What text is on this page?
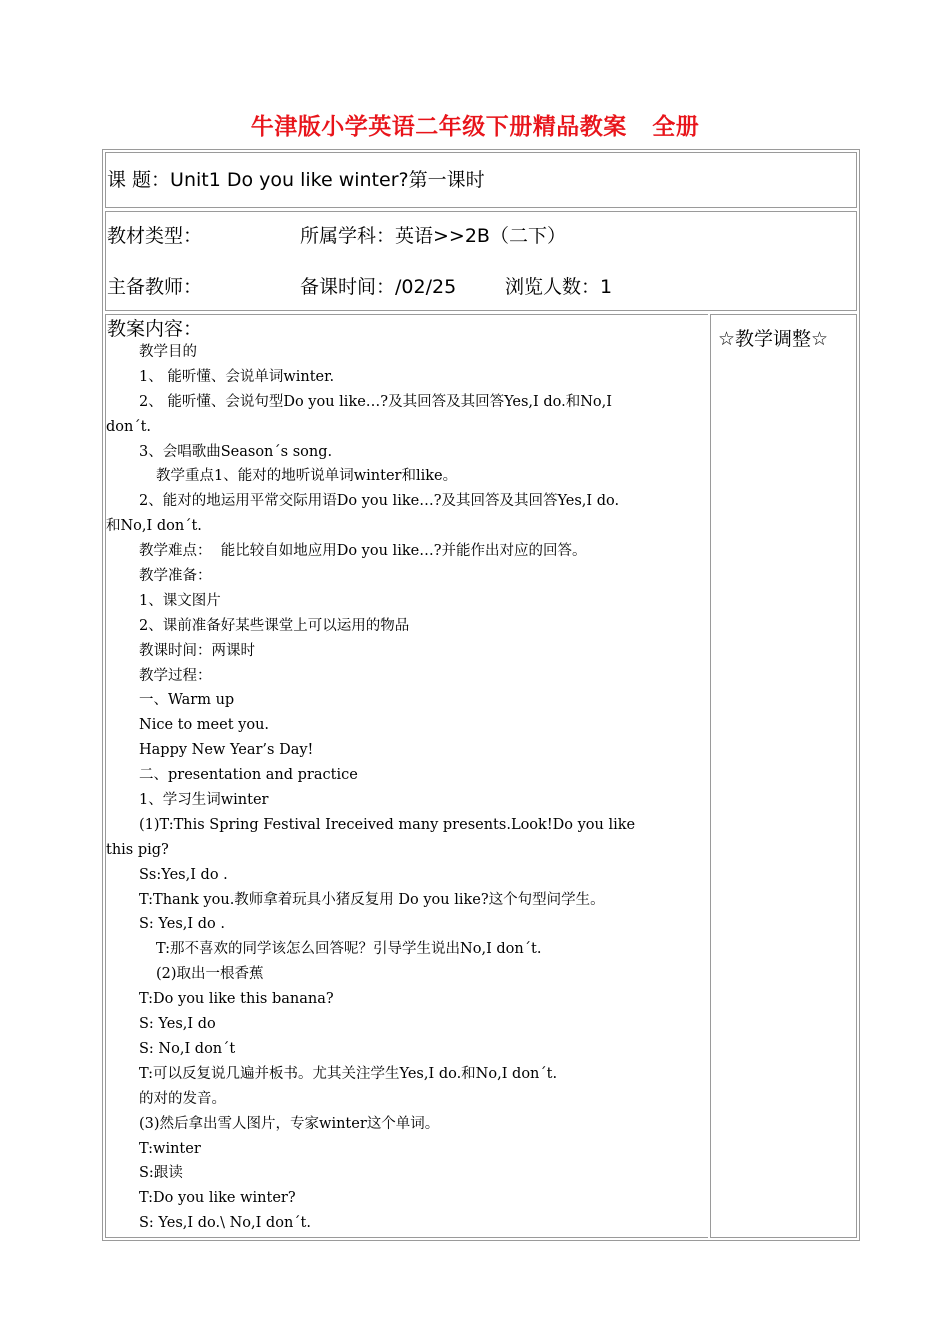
牛津版小学英语二年级下册精品教案   全册
课 题：Unit1 Do you like winter?第一课时
教材类型：	所属学科：英语>>2B（二下）
主备教师：	备课时间：/02/25	浏览人数：1
教案内容：	☆教学调整☆
教学目的
1、 能听懂、会说单词winter.
2、 能听懂、会说句型Do you like…?及其回答及其回答Yes,I do.和No,I
don´t.
3、会唱歌曲Season´s song.
教学重点1、能对的地听说单词winter和like。
2、能对的地运用平常交际用语Do you like…?及其回答及其回答Yes,I do.
和No,I don´t.
教学难点：  能比较自如地应用Do you like…?并能作出对应的回答。
教学准备：
1、课文图片
2、课前准备好某些课堂上可以运用的物品
教课时间：两课时
教学过程：
一、Warm up
Nice to meet you.
Happy New Year’s Day!
二、presentation and practice
1、学习生词winter
(1)T:This Spring Festival Ireceived many presents.Look!Do you like
this pig?
Ss:Yes,I do .
T:Thank you.教师拿着玩具小猪反复用 Do you like?这个句型问学生。
S: Yes,I do .
T:那不喜欢的同学该怎么回答呢？引导学生说出No,I don´t.
(2)取出一根香蕉
T:Do you like this banana?
S: Yes,I do
S: No,I don´t
T:可以反复说几遍并板书。尤其关注学生Yes,I do.和No,I don´t.
的对的发音。
(3)然后拿出雪人图片，专家winter这个单词。
T:winter
S:跟读
T:Do you like winter?
S: Yes,I do.\ No,I don´t.
